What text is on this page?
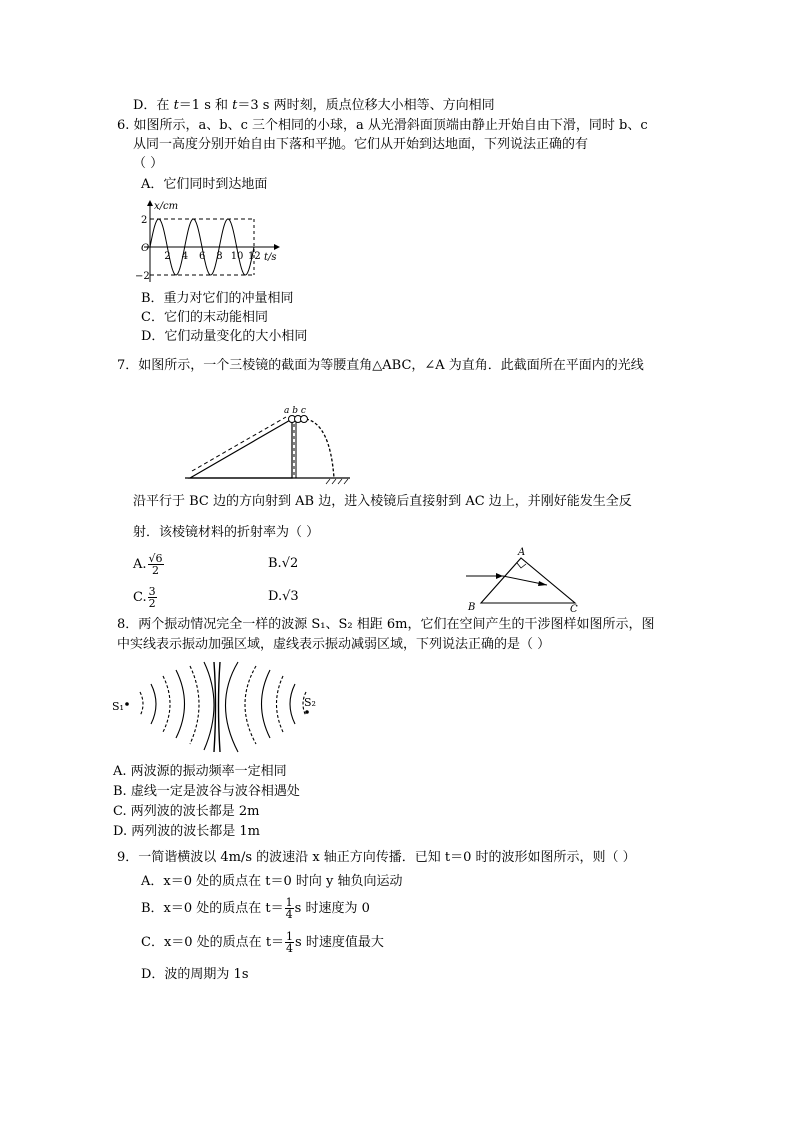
D．在 t＝1 s 和 t＝3 s 两时刻，质点位移大小相等、方向相同
6. 如图所示，a、b、c 三个相同的小球，a 从光滑斜面顶端由静止开始自由下滑，同时 b、c
从同一高度分别开始自由下落和平抛。它们从开始到达地面，下列说法正确的有
（ ）
A．它们同时到达地面
x/cm
t/s
O
2
−2
2 4 6 8 10 12
B．重力对它们的冲量相同
C．它们的末动能相同
D．它们动量变化的大小相同
7．如图所示，一个三棱镜的截面为等腰直角△ABC，∠A 为直角．此截面所在平面内的光线
a b c
沿平行于 BC 边的方向射到 AB 边，进入棱镜后直接射到 AC 边上，并刚好能发生全反
射．该棱镜材料的折射率为（ ）
A. $\frac{√6}{2}$	B.√2
C. $\frac{3}{2}$	D.√3
A
B	C
8．两个振动情况完全一样的波源 S₁、S₂ 相距 6m，它们在空间产生的干涉图样如图所示，图
中实线表示振动加强区域，虚线表示振动减弱区域，下列说法正确的是（ ）
S₁	S₂
A. 两波源的振动频率一定相同
B. 虚线一定是波谷与波谷相遇处
C. 两列波的波长都是 2m
D. 两列波的波长都是 1m
9．一简谐横波以 4m/s 的波速沿 x 轴正方向传播．已知 t＝0 时的波形如图所示，则（ ）
A．x＝0 处的质点在 t＝0 时向 y 轴负向运动
B．x＝0 处的质点在 $t= \frac{1}{4}$ s 时速度为 0
C．x＝0 处的质点在 $t= \frac{1}{4}$ s 时速度值最大
D．波的周期为 1s
